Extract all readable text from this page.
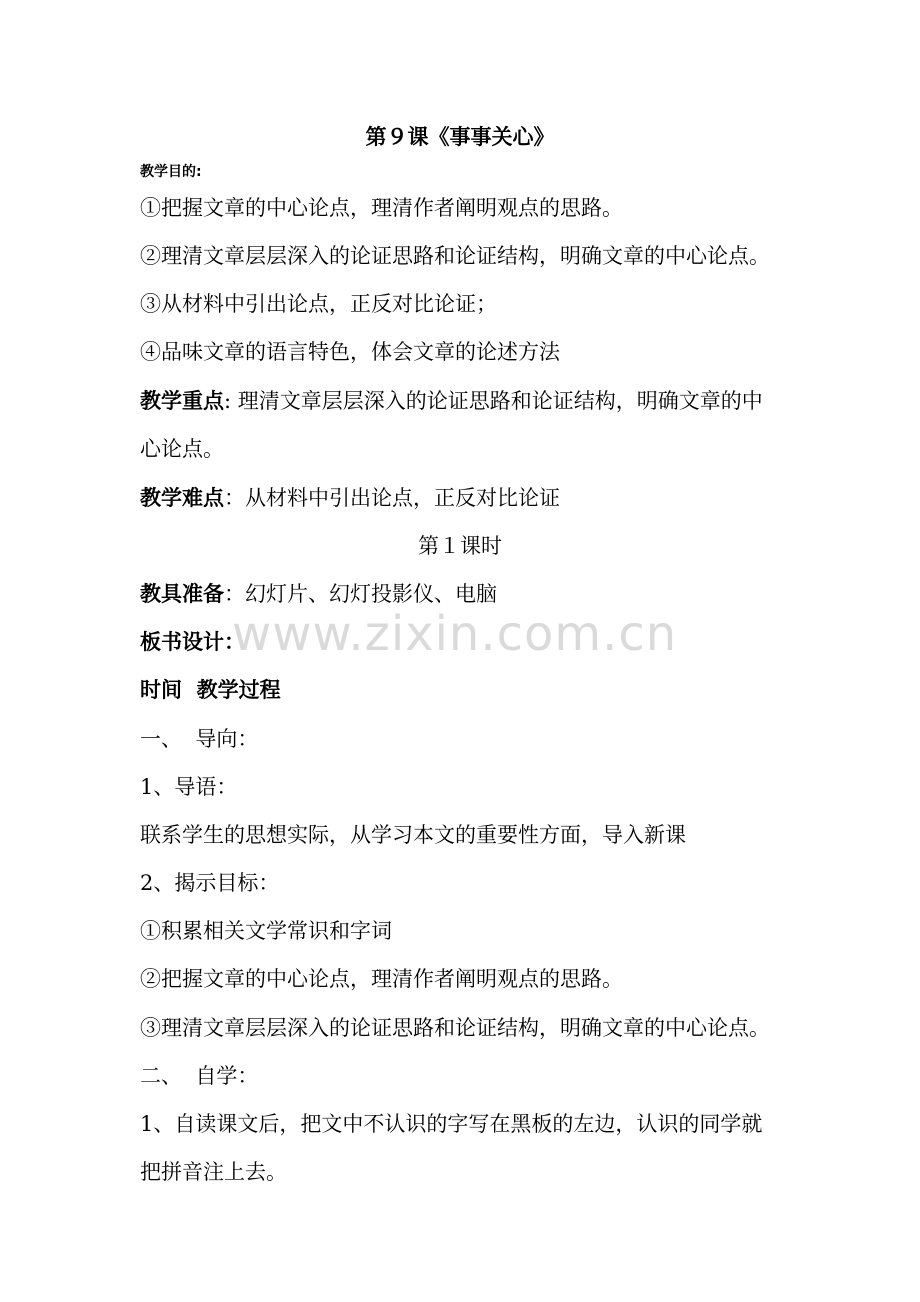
第９课《事事关心》
教学目的:
①把握文章的中心论点，理清作者阐明观点的思路。
②理清文章层层深入的论证思路和论证结构，明确文章的中心论点。
③从材料中引出论点，正反对比论证；
④品味文章的语言特色，体会文章的论述方法
教学重点: 理清文章层层深入的论证思路和论证结构，明确文章的中
心论点。
教学难点：从材料中引出论点，正反对比论证
第１课时
教具准备：幻灯片、幻灯投影仪、电脑
板书设计：
www.zixin.com.cn
时间  教学过程
一、  导向：
1、导语：
联系学生的思想实际，从学习本文的重要性方面，导入新课
2、揭示目标：
①积累相关文学常识和字词
②把握文章的中心论点，理清作者阐明观点的思路。
③理清文章层层深入的论证思路和论证结构，明确文章的中心论点。
二、  自学：
1、自读课文后，把文中不认识的字写在黑板的左边，认识的同学就
把拼音注上去。
